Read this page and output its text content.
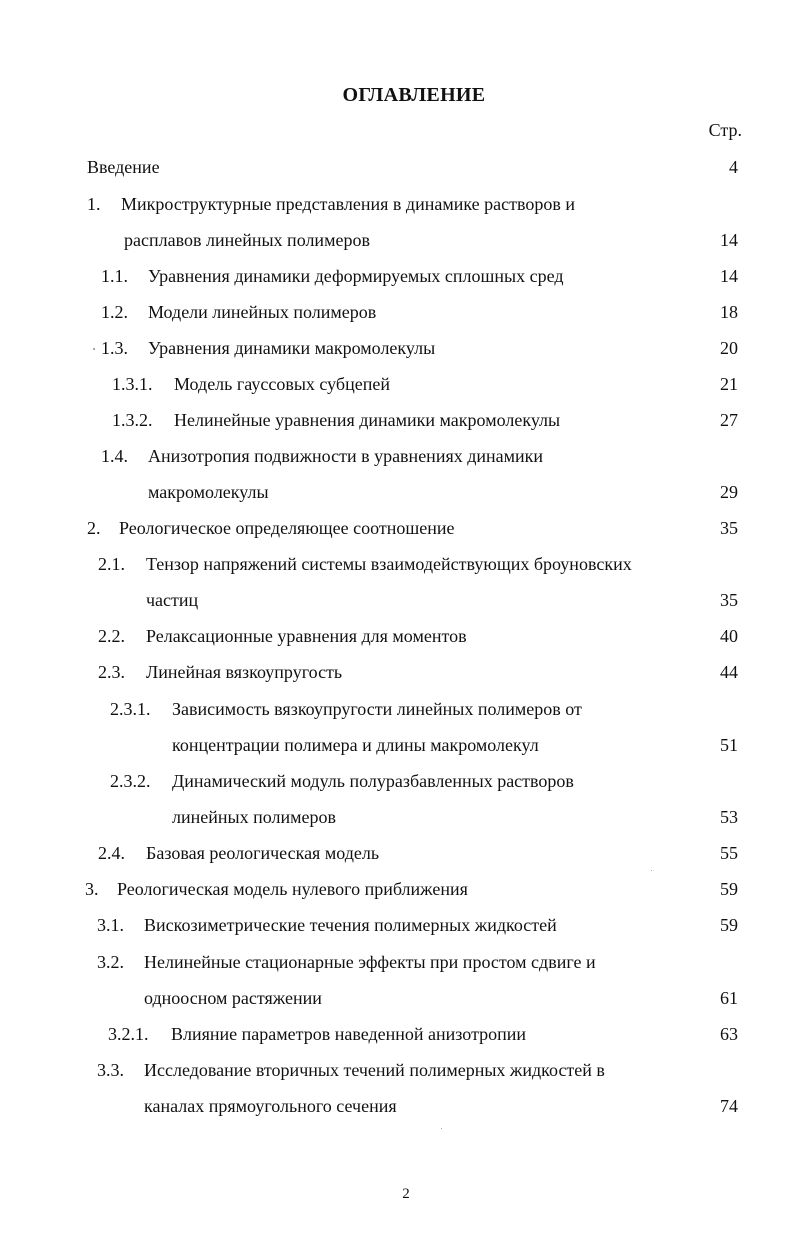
ОГЛАВЛЕНИЕ
Стр.
Введение	4
1. Микроструктурные представления в динамике растворов и
расплавов линейных полимеров	14
1.1. Уравнения динамики деформируемых сплошных сред	14
1.2. Модели линейных полимеров	18
1.3. Уравнения динамики макромолекулы	20
1.3.1. Модель гауссовых субцепей	21
1.3.2. Нелинейные уравнения динамики макромолекулы	27
1.4. Анизотропия подвижности в уравнениях динамики
макромолекулы	29
2. Реологическое определяющее соотношение	35
2.1. Тензор напряжений системы взаимодействующих броуновских
частиц	35
2.2. Релаксационные уравнения для моментов	40
2.3. Линейная вязкоупругость	44
2.3.1. Зависимость вязкоупругости линейных полимеров от
концентрации полимера и длины макромолекул	51
2.3.2. Динамический модуль полуразбавленных растворов
линейных полимеров	53
2.4. Базовая реологическая модель	55
3. Реологическая модель нулевого приближения	59
3.1. Вискозиметрические течения полимерных жидкостей	59
3.2. Нелинейные стационарные эффекты при простом сдвиге и
одноосном растяжении	61
3.2.1. Влияние параметров наведенной анизотропии	63
3.3. Исследование вторичных течений полимерных жидкостей в
каналах прямоугольного сечения	74
2
